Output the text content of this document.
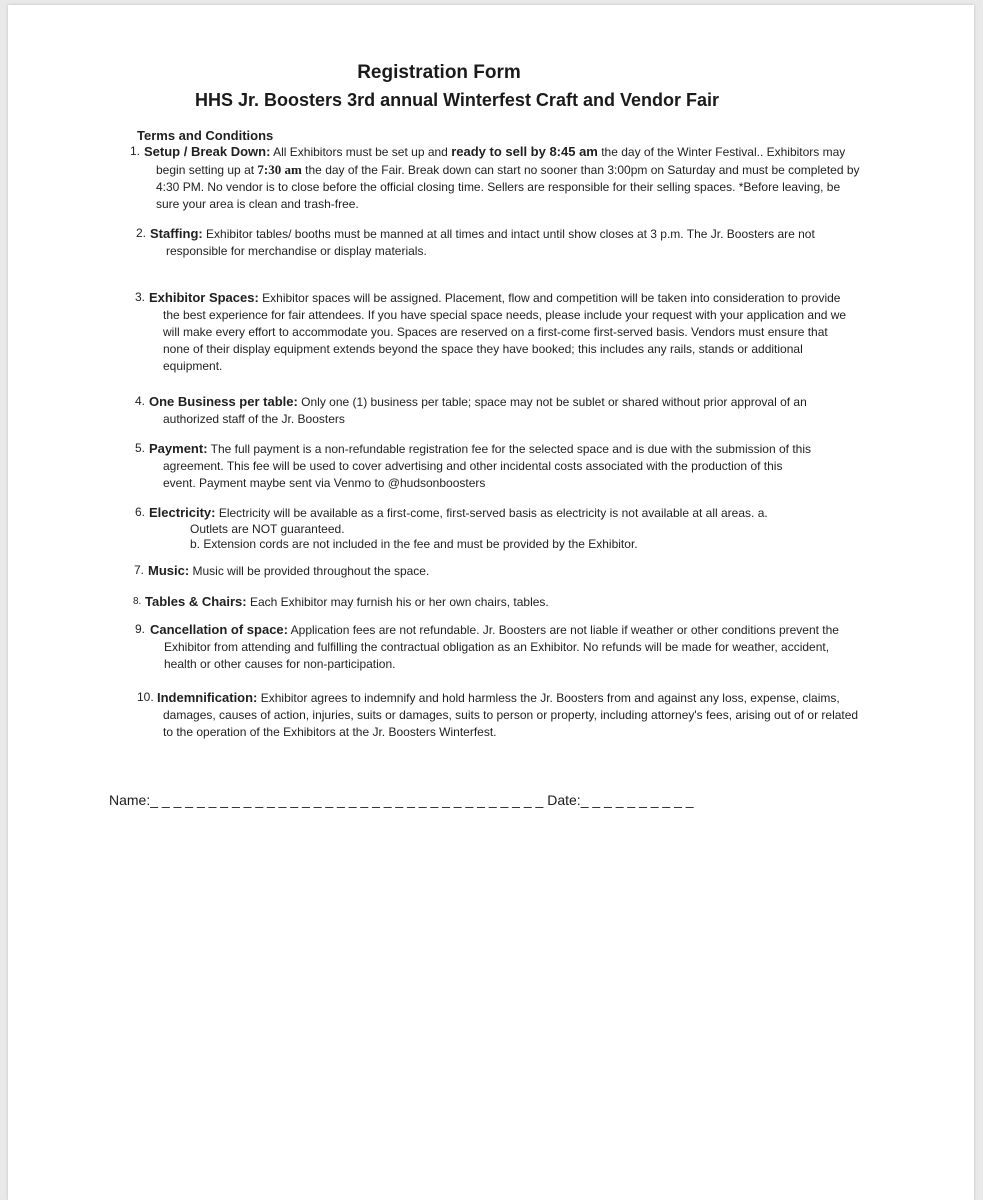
Registration Form
HHS Jr. Boosters 3rd annual Winterfest Craft and Vendor Fair
Terms and Conditions
1. Setup / Break Down: All Exhibitors must be set up and ready to sell by 8:45 am the day of the Winter Festival.. Exhibitors may
begin setting up at 7:30 am the day of the Fair. Break down can start no sooner than 3:00pm on Saturday and must be completed by
4:30 PM. No vendor is to close before the official closing time. Sellers are responsible for their selling spaces. *Before leaving, be
sure your area is clean and trash-free.
2. Staffing: Exhibitor tables/ booths must be manned at all times and intact until show closes at 3 p.m. The Jr. Boosters are not
responsible for merchandise or display materials.
3. Exhibitor Spaces: Exhibitor spaces will be assigned. Placement, flow and competition will be taken into consideration to provide
the best experience for fair attendees. If you have special space needs, please include your request with your application and we
will make every effort to accommodate you. Spaces are reserved on a first-come first-served basis. Vendors must ensure that
none of their display equipment extends beyond the space they have booked; this includes any rails, stands or additional
equipment.
4. One Business per table: Only one (1) business per table; space may not be sublet or shared without prior approval of an
authorized staff of the Jr. Boosters
5. Payment: The full payment is a non-refundable registration fee for the selected space and is due with the submission of this
agreement. This fee will be used to cover advertising and other incidental costs associated with the production of this
event. Payment maybe sent via Venmo to @hudsonboosters
6. Electricity: Electricity will be available as a first-come, first-served basis as electricity is not available at all areas. a.
Outlets are NOT guaranteed.
b. Extension cords are not included in the fee and must be provided by the Exhibitor.
7. Music: Music will be provided throughout the space.
8. Tables & Chairs: Each Exhibitor may furnish his or her own chairs, tables.
9. Cancellation of space: Application fees are not refundable. Jr. Boosters are not liable if weather or other conditions prevent the
Exhibitor from attending and fulfilling the contractual obligation as an Exhibitor. No refunds will be made for weather, accident,
health or other causes for non-participation.
10. Indemnification: Exhibitor agrees to indemnify and hold harmless the Jr. Boosters from and against any loss, expense, claims,
damages, causes of action, injuries, suits or damages, suits to person or property, including attorney's fees, arising out of or related
to the operation of the Exhibitors at the Jr. Boosters Winterfest.
Name:_ _ _ _ _ _ _ _ _ _ _ _ _ _ _ _ _ _ _ _ _ _ _ _ _ _ _ _ _ _ _ _ _ _ Date:_ _ _ _ _ _ _ _ _ _
